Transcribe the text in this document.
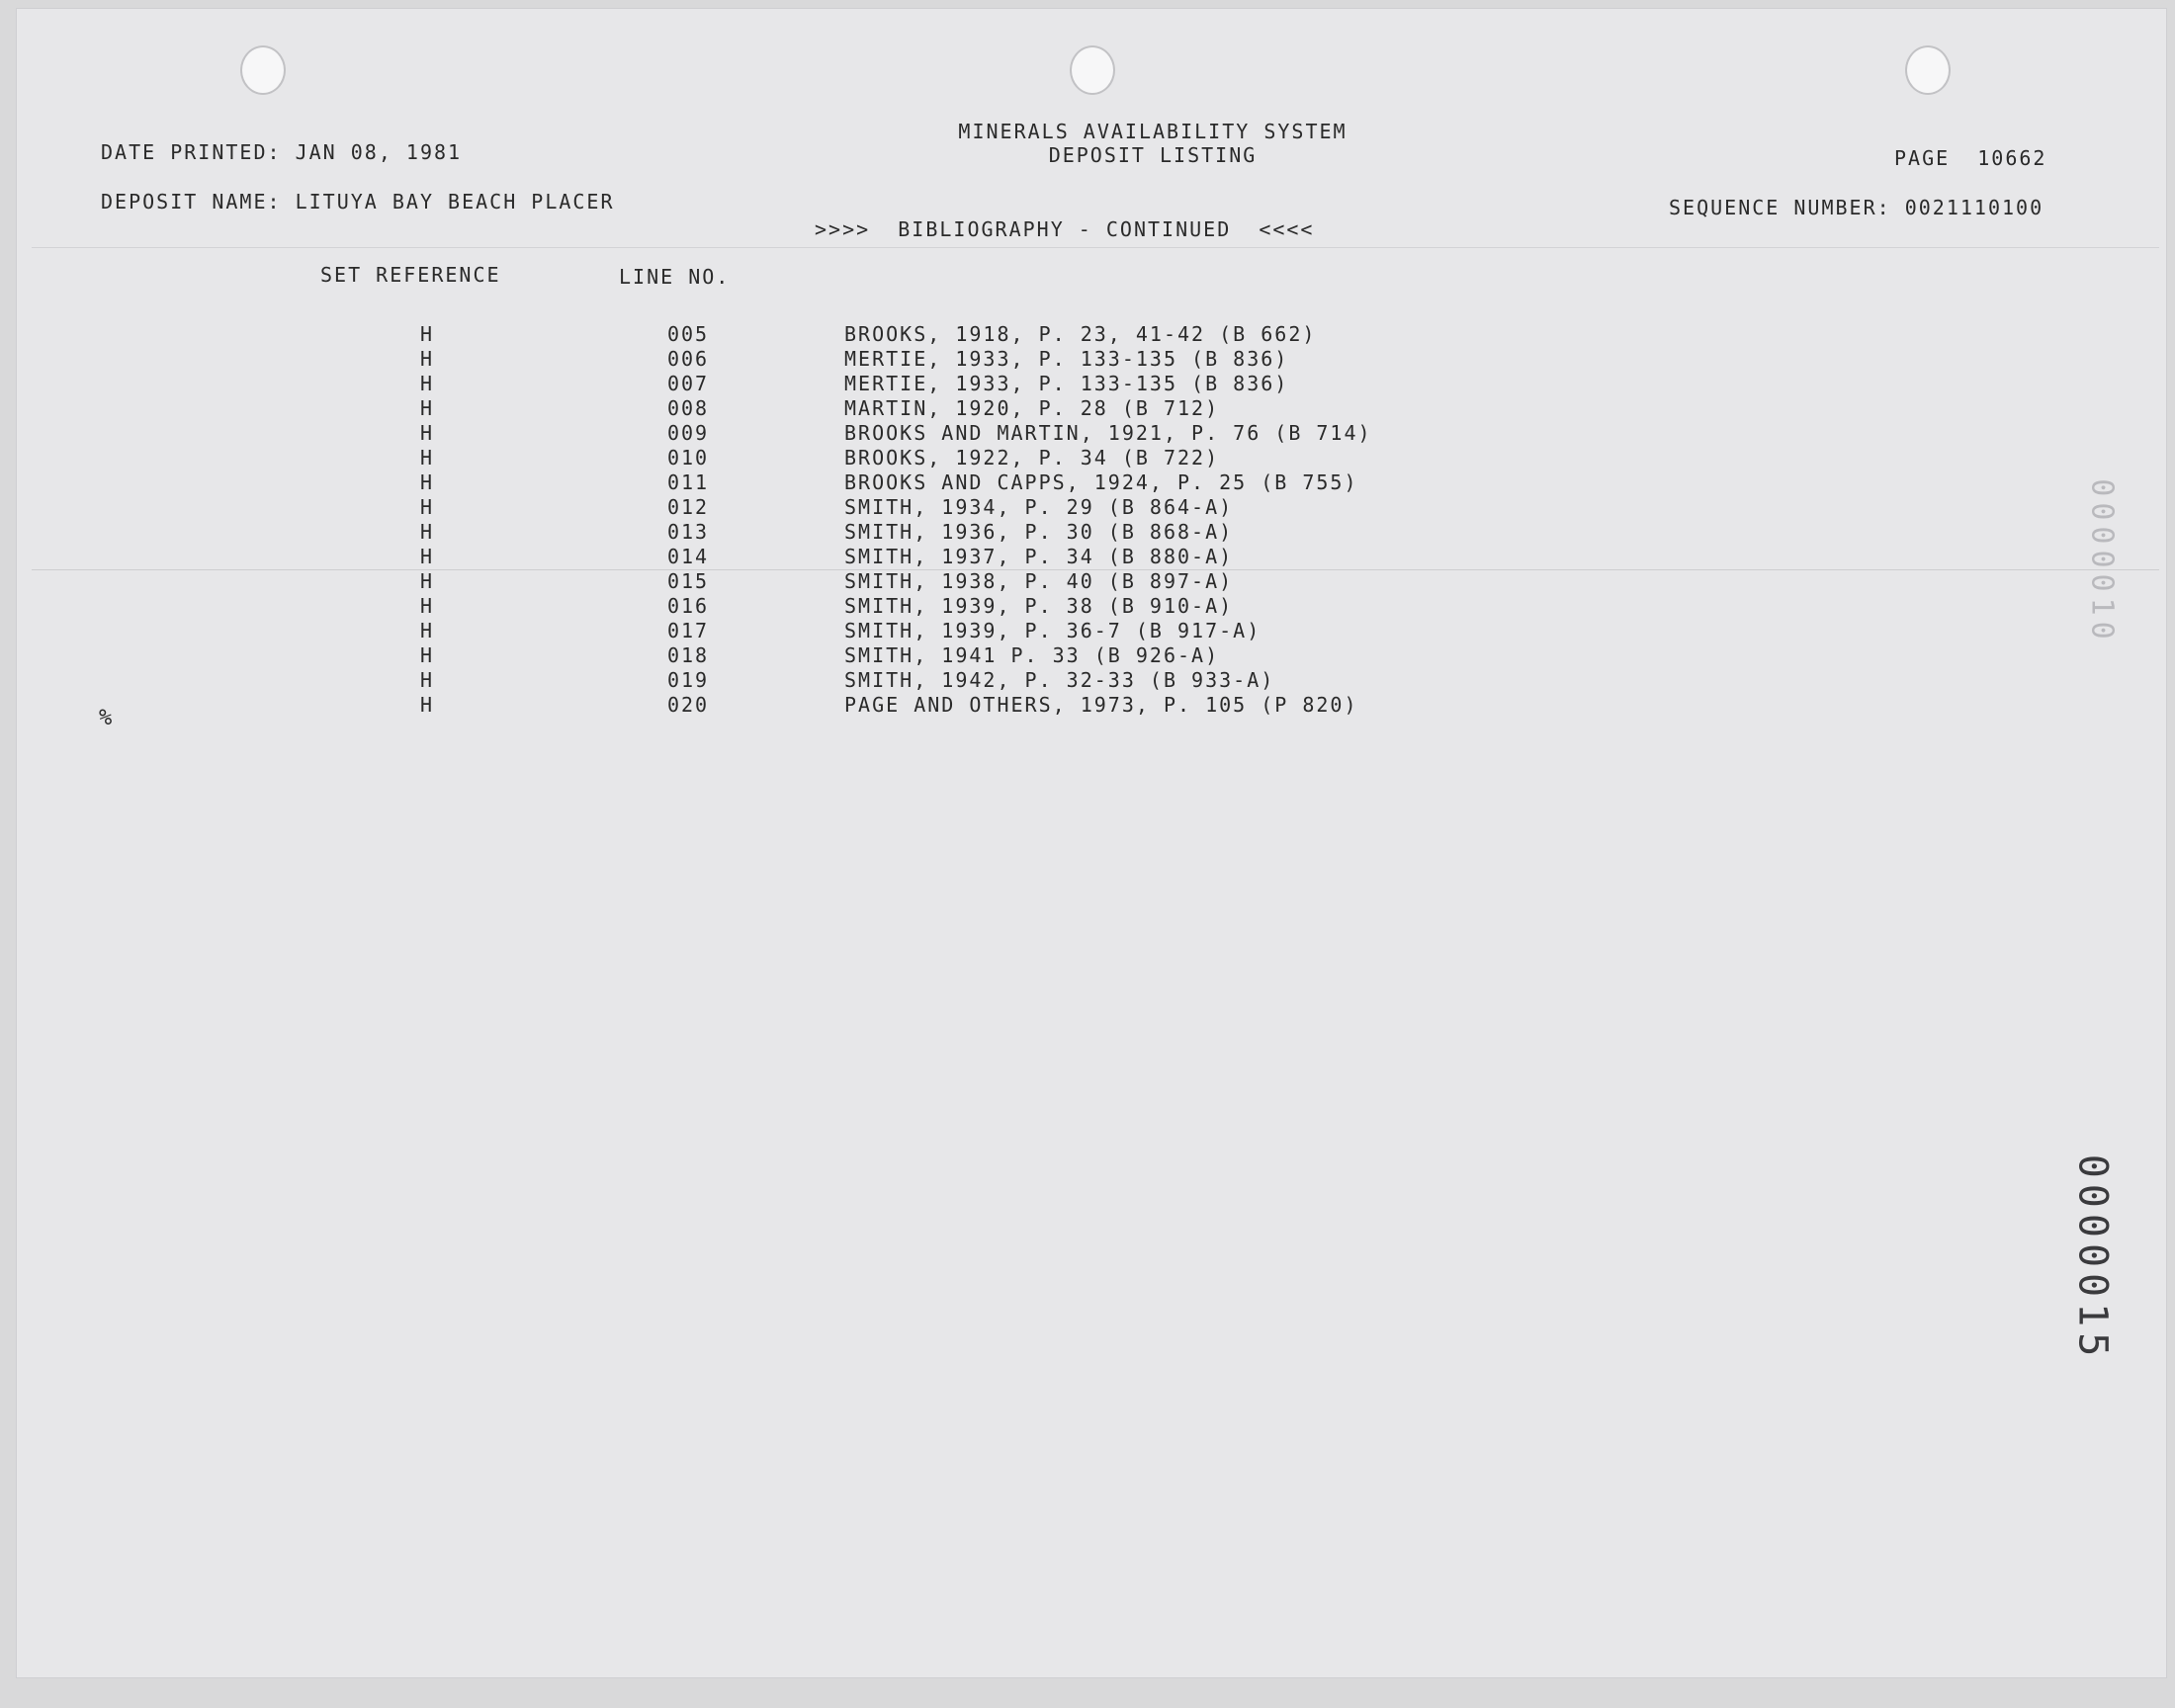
MINERALS AVAILABILITY SYSTEM
DEPOSIT LISTING
DATE PRINTED: JAN 08, 1981	PAGE  10662
DEPOSIT NAME: LITUYA BAY BEACH PLACER	SEQUENCE NUMBER: 0021110100
>>>>  BIBLIOGRAPHY - CONTINUED  <<<<
SET REFERENCE	LINE NO.
H	005	BROOKS, 1918, P. 23, 41-42 (B 662)
H	006	MERTIE, 1933, P. 133-135 (B 836)
H	007	MERTIE, 1933, P. 133-135 (B 836)
H	008	MARTIN, 1920, P. 28 (B 712)
H	009	BROOKS AND MARTIN, 1921, P. 76 (B 714)
H	010	BROOKS, 1922, P. 34 (B 722)
H	011	BROOKS AND CAPPS, 1924, P. 25 (B 755)
H	012	SMITH, 1934, P. 29 (B 864-A)
H	013	SMITH, 1936, P. 30 (B 868-A)
H	014	SMITH, 1937, P. 34 (B 880-A)
H	015	SMITH, 1938, P. 40 (B 897-A)
H	016	SMITH, 1939, P. 38 (B 910-A)
H	017	SMITH, 1939, P. 36-7 (B 917-A)
H	018	SMITH, 1941 P. 33 (B 926-A)
H	019	SMITH, 1942, P. 32-33 (B 933-A)
H	020	PAGE AND OTHERS, 1973, P. 105 (P 820)
%
0000010
0000015
